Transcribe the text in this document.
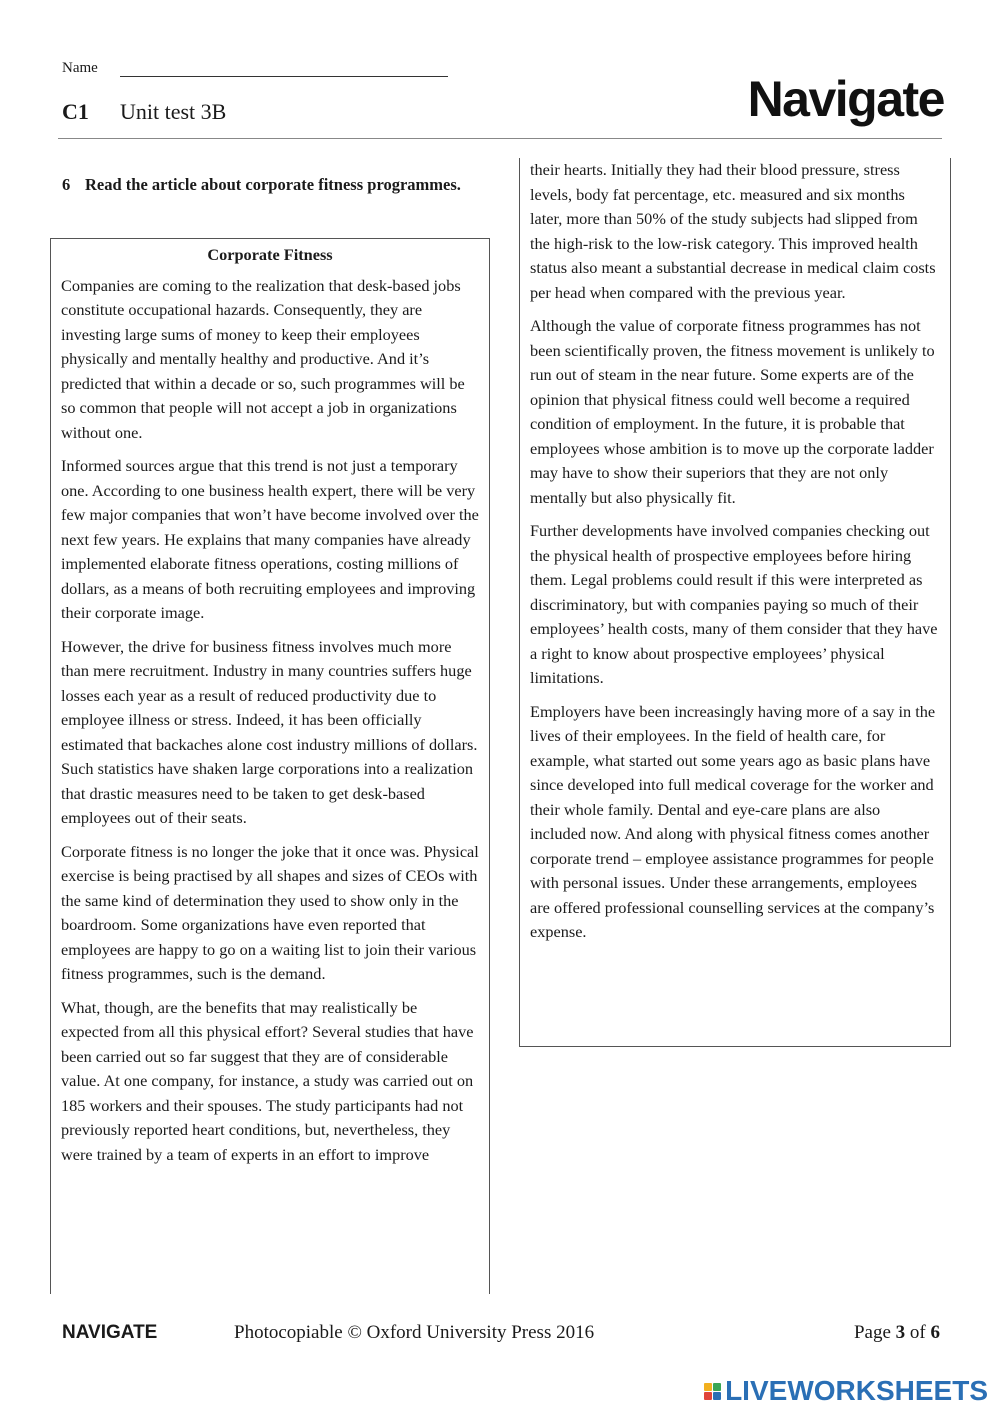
Name
C1 Unit test 3B	Navigate
6 Read the article about corporate fitness programmes.
Corporate Fitness

Companies are coming to the realization that desk-based jobs constitute occupational hazards. Consequently, they are investing large sums of money to keep their employees physically and mentally healthy and productive. And it’s predicted that within a decade or so, such programmes will be so common that people will not accept a job in organizations without one.

Informed sources argue that this trend is not just a temporary one. According to one business health expert, there will be very few major companies that won’t have become involved over the next few years. He explains that many companies have already implemented elaborate fitness operations, costing millions of dollars, as a means of both recruiting employees and improving their corporate image.

However, the drive for business fitness involves much more than mere recruitment. Industry in many countries suffers huge losses each year as a result of reduced productivity due to employee illness or stress. Indeed, it has been officially estimated that backaches alone cost industry millions of dollars. Such statistics have shaken large corporations into a realization that drastic measures need to be taken to get desk-based employees out of their seats.

Corporate fitness is no longer the joke that it once was. Physical exercise is being practised by all shapes and sizes of CEOs with the same kind of determination they used to show only in the boardroom. Some organizations have even reported that employees are happy to go on a waiting list to join their various fitness programmes, such is the demand.

What, though, are the benefits that may realistically be expected from all this physical effort? Several studies that have been carried out so far suggest that they are of considerable value. At one company, for instance, a study was carried out on 185 workers and their spouses. The study participants had not previously reported heart conditions, but, nevertheless, they were trained by a team of experts in an effort to improve

their hearts. Initially they had their blood pressure, stress levels, body fat percentage, etc. measured and six months later, more than 50% of the study subjects had slipped from the high-risk to the low-risk category. This improved health status also meant a substantial decrease in medical claim costs per head when compared with the previous year.

Although the value of corporate fitness programmes has not been scientifically proven, the fitness movement is unlikely to run out of steam in the near future. Some experts are of the opinion that physical fitness could well become a required condition of employment. In the future, it is probable that employees whose ambition is to move up the corporate ladder may have to show their superiors that they are not only mentally but also physically fit.

Further developments have involved companies checking out the physical health of prospective employees before hiring them. Legal problems could result if this were interpreted as discriminatory, but with companies paying so much of their employees’ health costs, many of them consider that they have a right to know about prospective employees’ physical limitations.

Employers have been increasingly having more of a say in the lives of their employees. In the field of health care, for example, what started out some years ago as basic plans have since developed into full medical coverage for the worker and their whole family. Dental and eye-care plans are also included now. And along with physical fitness comes another corporate trend – employee assistance programmes for people with personal issues. Under these arrangements, employees are offered professional counselling services at the company’s expense.

NAVIGATE	Photocopiable © Oxford University Press 2016	Page 3 of 6
LIVEWORKSHEETS
